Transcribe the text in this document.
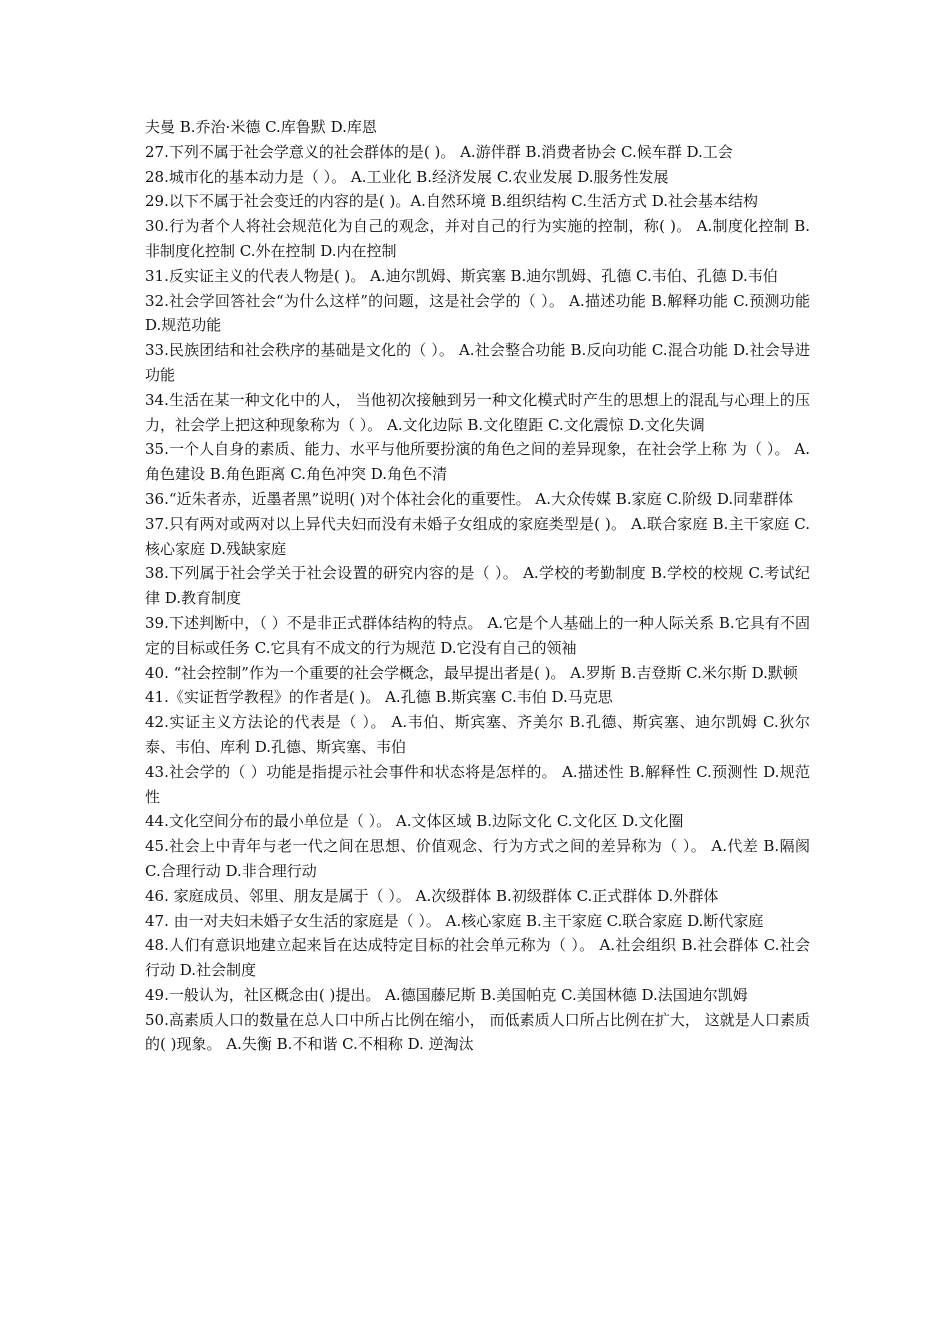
夫曼 B.乔治·米德 C.库鲁默 D.库恩

27.下列不属于社会学意义的社会群体的是( )。 A.游伴群 B.消费者协会 C.候车群 D.工会

28.城市化的基本动力是（ ）。 A.工业化 B.经济发展 C.农业发展 D.服务性发展

29.以下不属于社会变迁的内容的是( )。A.自然环境 B.组织结构 C.生活方式 D.社会基本结构

30.行为者个人将社会规范化为自己的观念，并对自己的行为实施的控制，称( )。 A.制度化控制 B.非制度化控制 C.外在控制 D.内在控制

31.反实证主义的代表人物是( )。 A.迪尔凯姆、斯宾塞 B.迪尔凯姆、孔德 C.韦伯、孔德 D.韦伯

32.社会学回答社会“为什么这样”的问题，这是社会学的（ ）。 A.描述功能 B.解释功能 C.预测功能 D.规范功能

33.民族团结和社会秩序的基础是文化的（ ）。 A.社会整合功能 B.反向功能 C.混合功能 D.社会导进功能

34.生活在某一种文化中的人， 当他初次接触到另一种文化模式时产生的思想上的混乱与心理上的压力，社会学上把这种现象称为（ ）。 A.文化边际 B.文化堕距 C.文化震惊 D.文化失调

35.一个人自身的素质、能力、水平与他所要扮演的角色之间的差异现象，在社会学上称 为（ ）。 A.角色建设 B.角色距离 C.角色冲突 D.角色不清

36.“近朱者赤，近墨者黑”说明( )对个体社会化的重要性。 A.大众传媒 B.家庭 C.阶级 D.同辈群体

37.只有两对或两对以上异代夫妇而没有未婚子女组成的家庭类型是( )。 A.联合家庭 B.主干家庭 C.核心家庭 D.残缺家庭

38.下列属于社会学关于社会设置的研究内容的是（ ）。 A.学校的考勤制度 B.学校的校规 C.考试纪律 D.教育制度

39.下述判断中，（ ）不是非正式群体结构的特点。 A.它是个人基础上的一种人际关系 B.它具有不固定的目标或任务 C.它具有不成文的行为规范 D.它没有自己的领袖

40. “社会控制”作为一个重要的社会学概念，最早提出者是( )。 A.罗斯 B.吉登斯 C.米尔斯 D.默顿

41.《实证哲学教程》的作者是( )。 A.孔德 B.斯宾塞 C.韦伯 D.马克思

42.实证主义方法论的代表是（ ）。 A.韦伯、斯宾塞、齐美尔 B.孔德、斯宾塞、迪尔凯姆 C.狄尔泰、韦伯、库利 D.孔德、斯宾塞、韦伯

43.社会学的（ ）功能是指提示社会事件和状态将是怎样的。 A.描述性 B.解释性 C.预测性 D.规范性

44.文化空间分布的最小单位是（ ）。 A.文体区域 B.边际文化 C.文化区 D.文化圈

45.社会上中青年与老一代之间在思想、价值观念、行为方式之间的差异称为（ ）。 A.代差 B.隔阂 C.合理行动 D.非合理行动

46. 家庭成员、邻里、朋友是属于（ ）。 A.次级群体 B.初级群体 C.正式群体 D.外群体

47. 由一对夫妇未婚子女生活的家庭是（ ）。 A.核心家庭 B.主干家庭 C.联合家庭 D.断代家庭

48.人们有意识地建立起来旨在达成特定目标的社会单元称为（ ）。 A.社会组织 B.社会群体 C.社会行动 D.社会制度

49.一般认为，社区概念由( )提出。 A.德国藤尼斯 B.美国帕克 C.美国林德 D.法国迪尔凯姆

50.高素质人口的数量在总人口中所占比例在缩小， 而低素质人口所占比例在扩大， 这就是人口素质的( )现象。 A.失衡 B.不和谐 C.不相称 D. 逆淘汰
